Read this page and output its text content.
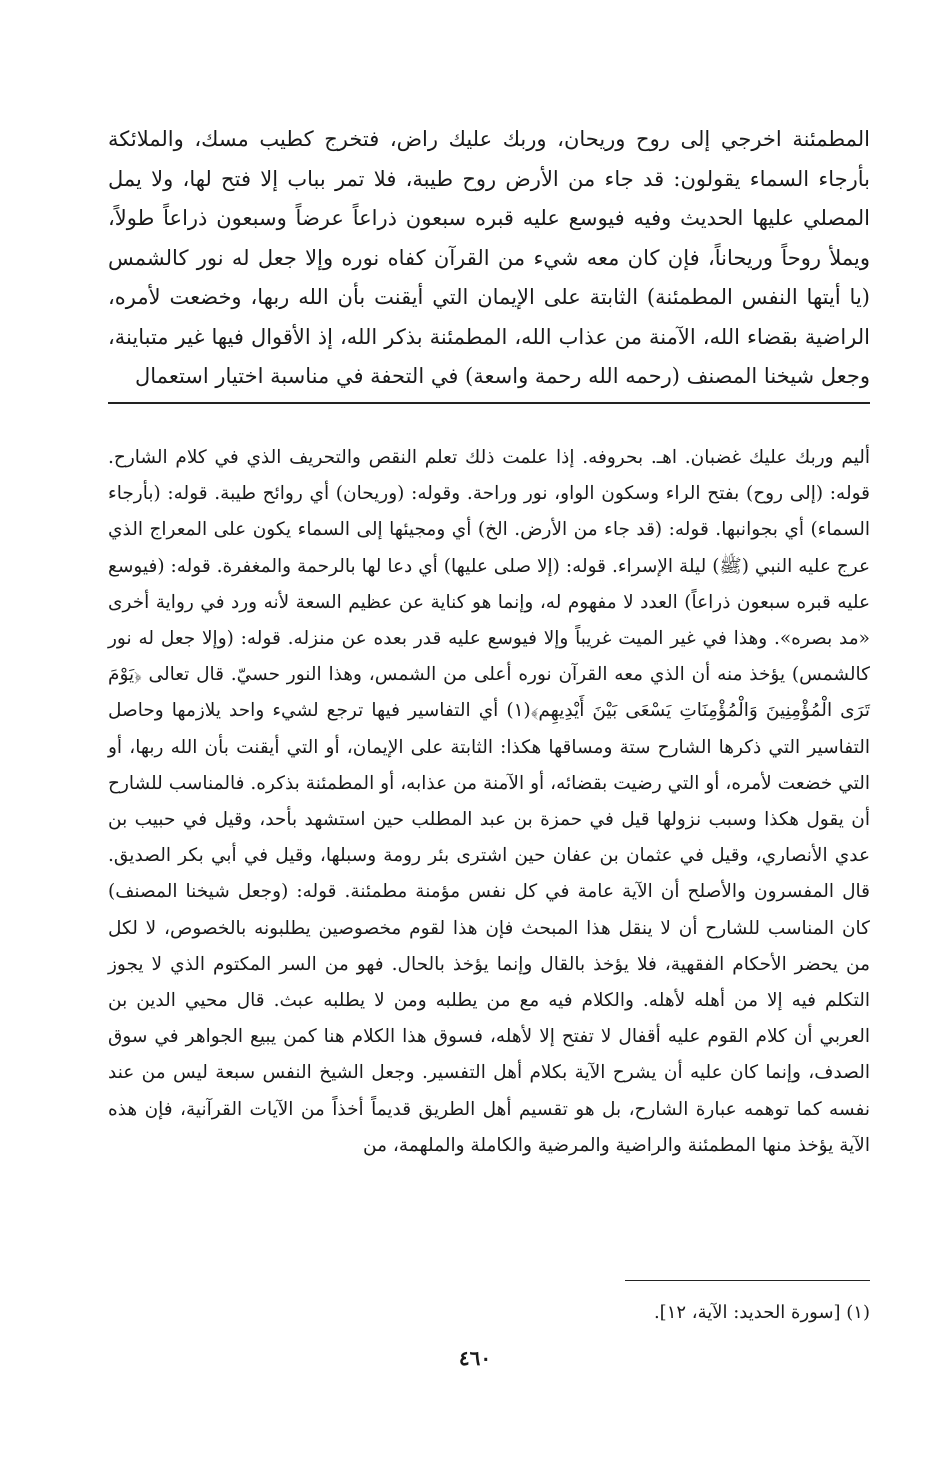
المطمئنة اخرجي إلى روح وريحان، وربك عليك راض، فتخرج كطيب مسك، والملائكة بأرجاء السماء يقولون: قد جاء من الأرض روح طيبة، فلا تمر بباب إلا فتح لها، ولا يمل المصلي عليها الحديث وفيه فيوسع عليه قبره سبعون ذراعاً عرضاً وسبعون ذراعاً طولاً، ويملأ روحاً وريحاناً، فإن كان معه شيء من القرآن كفاه نوره وإلا جعل له نور كالشمس (يا أيتها النفس المطمئنة) الثابتة على الإيمان التي أيقنت بأن الله ربها، وخضعت لأمره، الراضية بقضاء الله، الآمنة من عذاب الله، المطمئنة بذكر الله، إذ الأقوال فيها غير متباينة، وجعل شيخنا المصنف (رحمه الله رحمة واسعة) في التحفة في مناسبة اختيار استعمال

أليم وربك عليك غضبان. اهـ. بحروفه. إذا علمت ذلك تعلم النقص والتحريف الذي في كلام الشارح. قوله: (إلى روح) بفتح الراء وسكون الواو، نور وراحة. وقوله: (وريحان) أي روائح طيبة. قوله: (بأرجاء السماء) أي بجوانبها. قوله: (قد جاء من الأرض. الخ) أي ومجيئها إلى السماء يكون على المعراج الذي عرج عليه النبي (ﷺ) ليلة الإسراء. قوله: (إلا صلى عليها) أي دعا لها بالرحمة والمغفرة. قوله: (فيوسع عليه قبره سبعون ذراعاً) العدد لا مفهوم له، وإنما هو كناية عن عظيم السعة لأنه ورد في رواية أخرى «مد بصره». وهذا في غير الميت غريباً وإلا فيوسع عليه قدر بعده عن منزله. قوله: (وإلا جعل له نور كالشمس) يؤخذ منه أن الذي معه القرآن نوره أعلى من الشمس، وهذا النور حسيّ. قال تعالى ﴿يَوْمَ تَرَى الْمُؤْمِنِينَ وَالْمُؤْمِنَاتِ يَسْعَى بَيْنَ أَيْدِيهِم﴾(١) أي التفاسير فيها ترجع لشيء واحد يلازمها وحاصل التفاسير التي ذكرها الشارح ستة ومساقها هكذا: الثابتة على الإيمان، أو التي أيقنت بأن الله ربها، أو التي خضعت لأمره، أو التي رضيت بقضائه، أو الآمنة من عذابه، أو المطمئنة بذكره. فالمناسب للشارح أن يقول هكذا وسبب نزولها قيل في حمزة بن عبد المطلب حين استشهد بأحد، وقيل في حبيب بن عدي الأنصاري، وقيل في عثمان بن عفان حين اشترى بئر رومة وسبلها، وقيل في أبي بكر الصديق. قال المفسرون والأصلح أن الآية عامة في كل نفس مؤمنة مطمئنة. قوله: (وجعل شيخنا المصنف) كان المناسب للشارح أن لا ينقل هذا المبحث فإن هذا لقوم مخصوصين يطلبونه بالخصوص، لا لكل من يحضر الأحكام الفقهية، فلا يؤخذ بالقال وإنما يؤخذ بالحال. فهو من السر المكتوم الذي لا يجوز التكلم فيه إلا من أهله لأهله. والكلام فيه مع من يطلبه ومن لا يطلبه عبث. قال محيي الدين بن العربي أن كلام القوم عليه أقفال لا تفتح إلا لأهله، فسوق هذا الكلام هنا كمن يبيع الجواهر في سوق الصدف، وإنما كان عليه أن يشرح الآية بكلام أهل التفسير. وجعل الشيخ النفس سبعة ليس من عند نفسه كما توهمه عبارة الشارح، بل هو تقسيم أهل الطريق قديماً أخذاً من الآيات القرآنية، فإن هذه الآية يؤخذ منها المطمئنة والراضية والمرضية والكاملة والملهمة، من

(١) [سورة الحديد: الآية، ١٢].
٤٦٠
